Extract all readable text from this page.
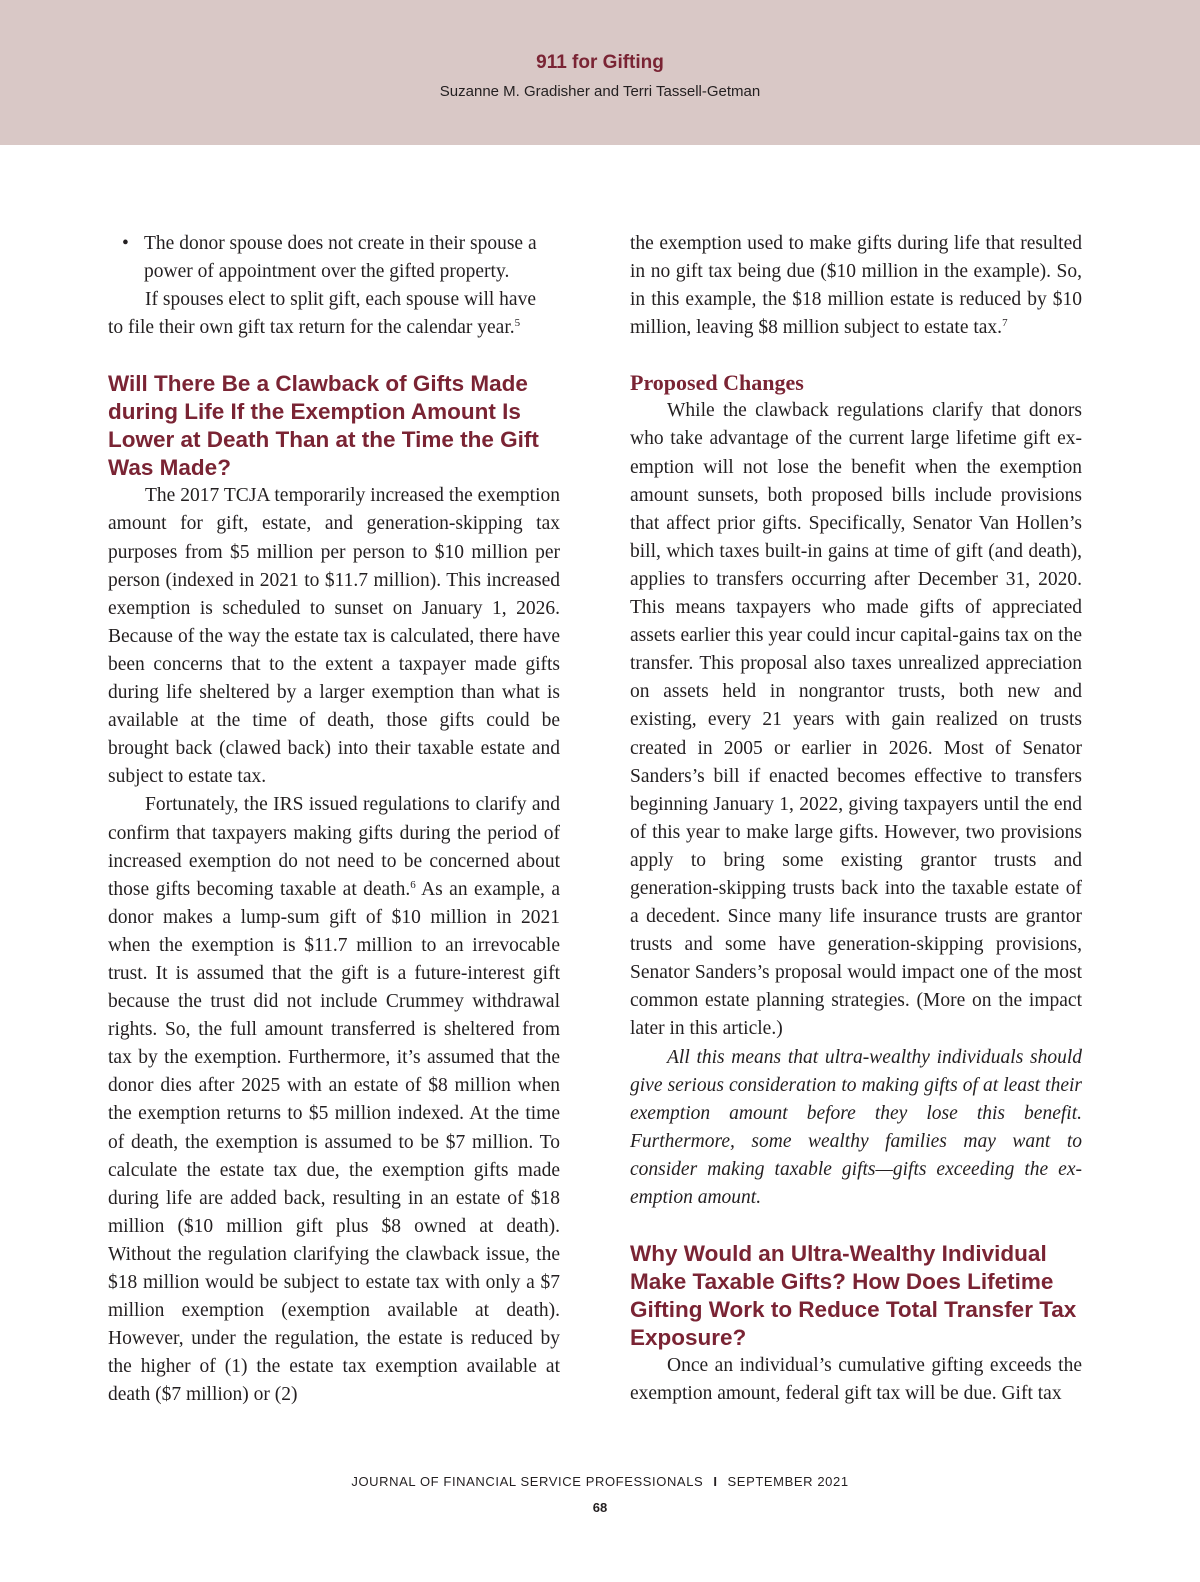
911 for Gifting
Suzanne M. Gradisher and Terri Tassell-Getman
• The donor spouse does not create in their spouse a power of appointment over the gifted property.

If spouses elect to split gift, each spouse will have

to file their own gift tax return for the calendar year.$^5$

Will There Be a Clawback of Gifts Made during Life If the Exemption Amount Is Lower at Death Than at the Time the Gift Was Made?

The 2017 TCJA temporarily increased the exemption amount for gift, estate, and generation-skipping tax purposes from $5 million per person to $10 million per person (indexed in 2021 to $11.7 million). This increased exemption is scheduled to sunset on January 1, 2026. Because of the way the estate tax is calculated, there have been concerns that to the extent a taxpayer made gifts during life sheltered by a larger exemption than what is available at the time of death, those gifts could be brought back (clawed back) into their taxable estate and subject to estate tax.

Fortunately, the IRS issued regulations to clarify and confirm that taxpayers making gifts during the period of increased exemption do not need to be concerned about those gifts becoming taxable at death.$^6$ As an example, a donor makes a lump-sum gift of $10 million in 2021 when the exemption is $11.7 million to an irrevocable trust. It is assumed that the gift is a future-interest gift because the trust did not include Crummey withdrawal rights. So, the full amount transferred is sheltered from tax by the exemption. Furthermore, it’s assumed that the donor dies after 2025 with an estate of $8 million when the exemption returns to $5 million indexed. At the time of death, the exemption is assumed to be $7 million. To calculate the estate tax due, the exemption gifts made during life are added back, resulting in an estate of $18 million ($10 million gift plus $8 owned at death). Without the regulation clarifying the clawback issue, the $18 million would be subject to estate tax with only a $7 million exemption (exemption available at death). However, under the regulation, the estate is reduced by the higher of (1) the estate tax exemption available at death ($7 million) or (2)

the exemption used to make gifts during life that resulted in no gift tax being due ($10 million in the example). So, in this example, the $18 million estate is reduced by $10 million, leaving $8 million subject to estate tax.$^7$

Proposed Changes

While the clawback regulations clarify that donors who take advantage of the current large lifetime gift exemption will not lose the benefit when the exemption amount sunsets, both proposed bills include provisions that affect prior gifts. Specifically, Senator Van Hollen’s bill, which taxes built-in gains at time of gift (and death), applies to transfers occurring after December 31, 2020. This means taxpayers who made gifts of appreciated assets earlier this year could incur capital-gains tax on the transfer. This proposal also taxes unrealized appreciation on assets held in nongrantor trusts, both new and existing, every 21 years with gain realized on trusts created in 2005 or earlier in 2026. Most of Senator Sanders’s bill if enacted becomes effective to transfers beginning January 1, 2022, giving taxpayers until the end of this year to make large gifts. However, two provisions apply to bring some existing grantor trusts and generation-skipping trusts back into the taxable estate of a decedent. Since many life insurance trusts are grantor trusts and some have generation-skipping provisions, Senator Sanders’s proposal would impact one of the most common estate planning strategies. (More on the impact later in this article.)

All this means that ultra-wealthy individuals should give serious consideration to making gifts of at least their exemption amount before they lose this benefit. Furthermore, some wealthy families may want to consider making taxable gifts—gifts exceeding the exemption amount.

Why Would an Ultra-Wealthy Individual Make Taxable Gifts? How Does Lifetime Gifting Work to Reduce Total Transfer Tax Exposure?

Once an individual’s cumulative gifting exceeds the exemption amount, federal gift tax will be due. Gift tax

JOURNAL OF FINANCIAL SERVICE PROFESSIONALS I SEPTEMBER 2021
68
